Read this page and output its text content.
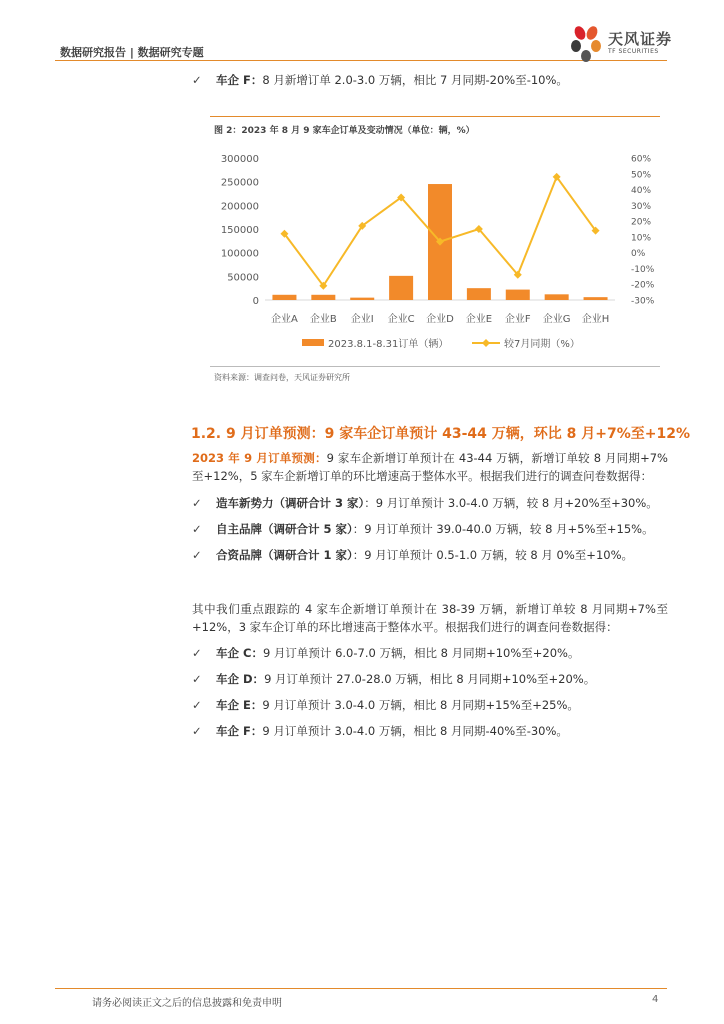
数据研究报告 | 数据研究专题
天风证券
TF SECURITIES
✓ 车企 F：8 月新增订单 2.0-3.0 万辆，相比 7 月同期-20%至-10%。
图 2：2023 年 8 月 9 家车企订单及变动情况（单位：辆，%）
0
50000
100000
150000
200000
250000
300000
-30%
-20%
-10%
0%
10%
20%
30%
40%
50%
60%
企业A 企业B 企业I 企业C 企业D 企业E 企业F 企业G 企业H
2023.8.1-8.31订单（辆）	较7月同期（%）
资料来源：调查问卷，天风证券研究所
1.2. 9 月订单预测：9 家车企订单预计 43-44 万辆，环比 8 月+7%至+12%
2023 年 9 月订单预测：9 家车企新增订单预计在 43-44 万辆，新增订单较 8 月同期+7%至+12%，5 家车企新增订单的环比增速高于整体水平。根据我们进行的调查问卷数据得：
✓ 造车新势力（调研合计 3 家）：9 月订单预计 3.0-4.0 万辆，较 8 月+20%至+30%。
✓ 自主品牌（调研合计 5 家）：9 月订单预计 39.0-40.0 万辆，较 8 月+5%至+15%。
✓ 合资品牌（调研合计 1 家）：9 月订单预计 0.5-1.0 万辆，较 8 月 0%至+10%。
其中我们重点跟踪的 4 家车企新增订单预计在 38-39 万辆，新增订单较 8 月同期+7%至+12%，3 家车企订单的环比增速高于整体水平。根据我们进行的调查问卷数据得：
✓ 车企 C：9 月订单预计 6.0-7.0 万辆，相比 8 月同期+10%至+20%。
✓ 车企 D：9 月订单预计 27.0-28.0 万辆，相比 8 月同期+10%至+20%。
✓ 车企 E：9 月订单预计 3.0-4.0 万辆，相比 8 月同期+15%至+25%。
✓ 车企 F：9 月订单预计 3.0-4.0 万辆，相比 8 月同期-40%至-30%。
请务必阅读正文之后的信息披露和免责申明	4
